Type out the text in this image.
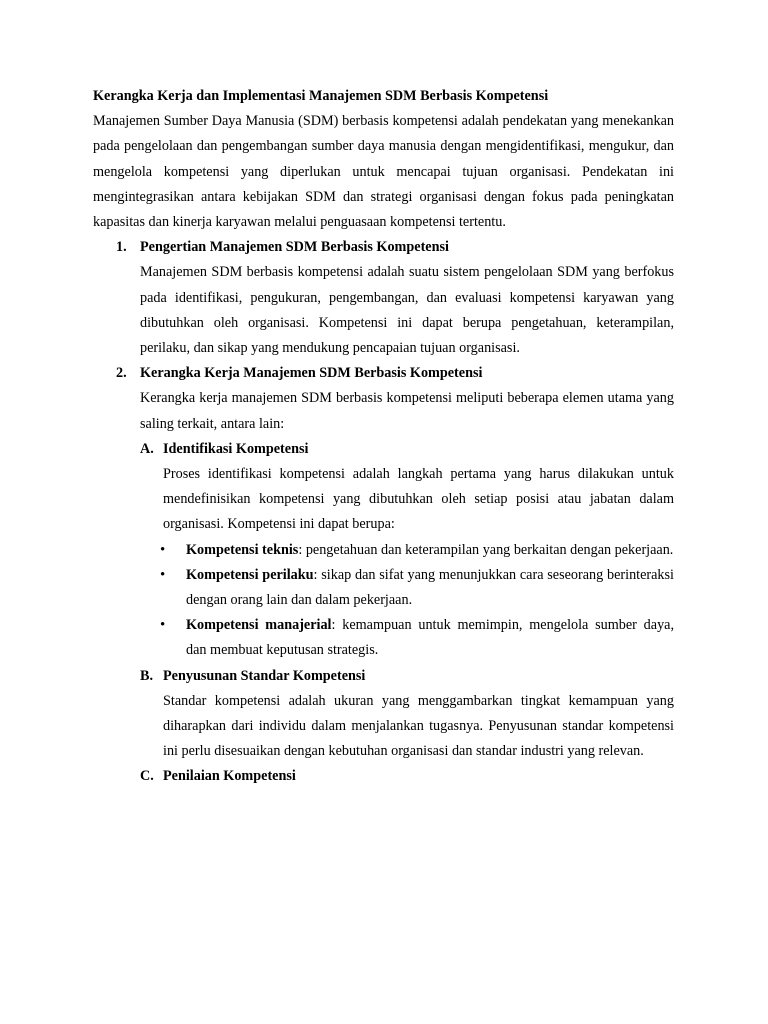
Kerangka Kerja dan Implementasi Manajemen SDM Berbasis Kompetensi

Manajemen Sumber Daya Manusia (SDM) berbasis kompetensi adalah pendekatan yang menekankan pada pengelolaan dan pengembangan sumber daya manusia dengan mengidentifikasi, mengukur, dan mengelola kompetensi yang diperlukan untuk mencapai tujuan organisasi. Pendekatan ini mengintegrasikan antara kebijakan SDM dan strategi organisasi dengan fokus pada peningkatan kapasitas dan kinerja karyawan melalui penguasaan kompetensi tertentu.

1. Pengertian Manajemen SDM Berbasis Kompetensi

Manajemen SDM berbasis kompetensi adalah suatu sistem pengelolaan SDM yang berfokus pada identifikasi, pengukuran, pengembangan, dan evaluasi kompetensi karyawan yang dibutuhkan oleh organisasi. Kompetensi ini dapat berupa pengetahuan, keterampilan, perilaku, dan sikap yang mendukung pencapaian tujuan organisasi.

2. Kerangka Kerja Manajemen SDM Berbasis Kompetensi

Kerangka kerja manajemen SDM berbasis kompetensi meliputi beberapa elemen utama yang saling terkait, antara lain:

A. Identifikasi Kompetensi

Proses identifikasi kompetensi adalah langkah pertama yang harus dilakukan untuk mendefinisikan kompetensi yang dibutuhkan oleh setiap posisi atau jabatan dalam organisasi. Kompetensi ini dapat berupa:

• Kompetensi teknis: pengetahuan dan keterampilan yang berkaitan dengan pekerjaan.

• Kompetensi perilaku: sikap dan sifat yang menunjukkan cara seseorang berinteraksi dengan orang lain dan dalam pekerjaan.

• Kompetensi manajerial: kemampuan untuk memimpin, mengelola sumber daya, dan membuat keputusan strategis.

B. Penyusunan Standar Kompetensi

Standar kompetensi adalah ukuran yang menggambarkan tingkat kemampuan yang diharapkan dari individu dalam menjalankan tugasnya. Penyusunan standar kompetensi ini perlu disesuaikan dengan kebutuhan organisasi dan standar industri yang relevan.

C. Penilaian Kompetensi
